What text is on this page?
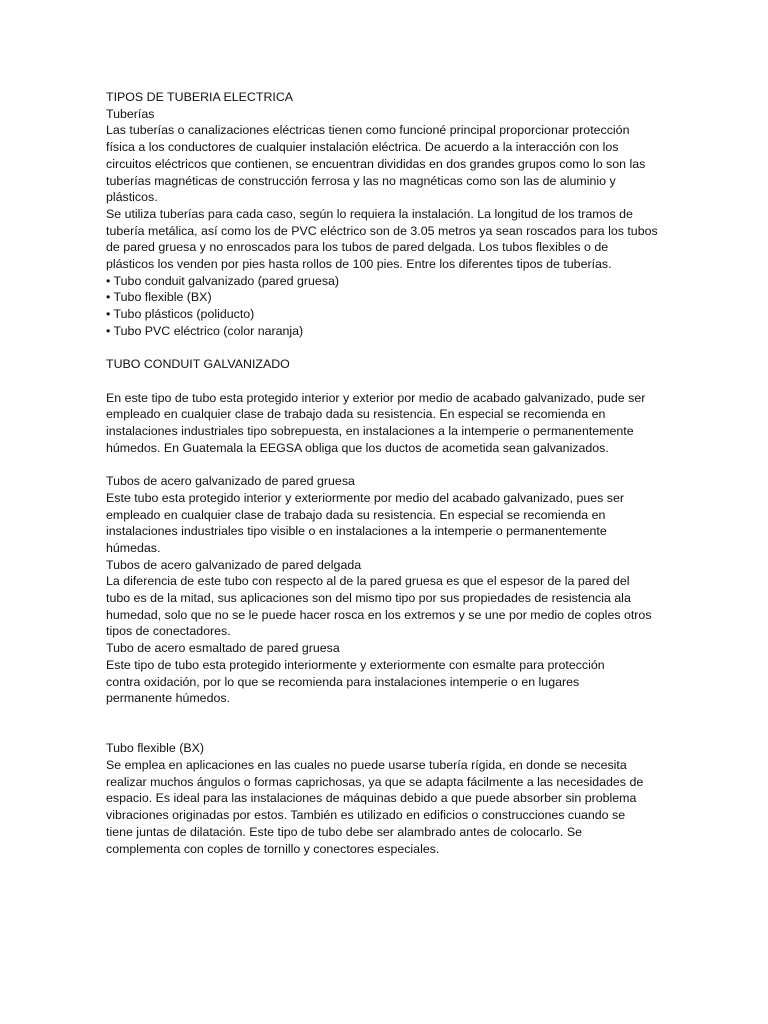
TIPOS DE TUBERIA ELECTRICA
Tuberías
Las tuberías o canalizaciones eléctricas tienen como funcioné principal proporcionar protección
física a los conductores de cualquier instalación eléctrica. De acuerdo a la interacción con los
circuitos eléctricos que contienen, se encuentran divididas en dos grandes grupos como lo son las
tuberías magnéticas de construcción ferrosa y las no magnéticas como son las de aluminio y
plásticos.
Se utiliza tuberías para cada caso, según lo requiera la instalación. La longitud de los tramos de
tubería metálica, así como los de PVC eléctrico son de 3.05 metros ya sean roscados para los tubos
de pared gruesa y no enroscados para los tubos de pared delgada. Los tubos flexibles o de
plásticos los venden por pies hasta rollos de 100 pies. Entre los diferentes tipos de tuberías.
• Tubo conduit galvanizado (pared gruesa)
• Tubo flexible (BX)
• Tubo plásticos (poliducto)
• Tubo PVC eléctrico (color naranja)
TUBO CONDUIT GALVANIZADO
En este tipo de tubo esta protegido interior y exterior por medio de acabado galvanizado, pude ser
empleado en cualquier clase de trabajo dada su resistencia. En especial se recomienda en
instalaciones industriales tipo sobrepuesta, en instalaciones a la intemperie o permanentemente
húmedos. En Guatemala la EEGSA obliga que los ductos de acometida sean galvanizados.
Tubos de acero galvanizado de pared gruesa
Este tubo esta protegido interior y exteriormente por medio del acabado galvanizado, pues ser
empleado en cualquier clase de trabajo dada su resistencia. En especial se recomienda en
instalaciones industriales tipo visible o en instalaciones a la intemperie o permanentemente
húmedas.
Tubos de acero galvanizado de pared delgada
La diferencia de este tubo con respecto al de la pared gruesa es que el espesor de la pared del
tubo es de la mitad, sus aplicaciones son del mismo tipo por sus propiedades de resistencia ala
humedad, solo que no se le puede hacer rosca en los extremos y se une por medio de coples otros
tipos de conectadores.
Tubo de acero esmaltado de pared gruesa
Este tipo de tubo esta protegido interiormente y exteriormente con esmalte para protección
contra oxidación, por lo que se recomienda para instalaciones intemperie o en lugares
permanente húmedos.
Tubo flexible (BX)
Se emplea en aplicaciones en las cuales no puede usarse tubería rígida, en donde se necesita
realizar muchos ángulos o formas caprichosas, ya que se adapta fácilmente a las necesidades de
espacio. Es ideal para las instalaciones de máquinas debido a que puede absorber sin problema
vibraciones originadas por estos. También es utilizado en edificios o construcciones cuando se
tiene juntas de dilatación. Este tipo de tubo debe ser alambrado antes de colocarlo. Se
complementa con coples de tornillo y conectores especiales.
